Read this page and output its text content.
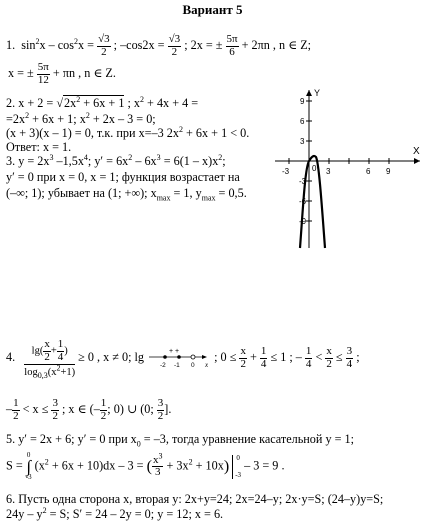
Вариант 5
1. $\sin^2x - \cos^2x = \frac{√3}{2}$ ; $-\cos 2x = \frac{√3}{2}$ ; 2x = ± $\frac{5\pi}{6} + 2\pi n$ , n ∈ Z;
x = ± $\frac{5\pi}{12} + \pi n$ , n ∈ Z.
2. $x + 2 = √2x^2 + 6x + 1$ ; $x^2 + 4x + 4$ =
$=2x^2 + 6x + 1$; $x^2 + 2x - 3 = 0$;
(x + 3)(x – 1) = 0, т.к. при x=–3 $2x^2 + 6x + 1 < 0$.
Ответ: x = 1.
3. $y = 2x^3$ $-1,5x^4$; $y' = 6x^2 - 6x^3 = 6(1 - x)x^2$;
y′ = 0 при x = 0, x = 1; функция возрастает на
(–∞; 1); убывает на (1; +∞); $x_{max} = 1$, $y_{max} = 0,5$.
Y
X
-3	3	6 9
9
6
3
-3
-6
-9
0
4. $\frac{\lg( \frac{x}{2} + \frac{1}{4} )}{\log_{0,3}(x^2+1)} \ge 0$ , x ≠ 0; lg	+ +
-2 -1 0 x
; $0 \le \frac{x}{2} + \frac{1}{4} \le 1$ ; – $\frac{1}{4} < \frac{x}{2} \le \frac{3}{4}$ ;
– $\frac{1}{2} < x \le \frac{3}{2}$ ; x ∈ (– $\frac{1}{2}$ ; 0) ∪ (0; $\frac{3}{2}$ ].
5. y′ = 2x + 6; y′ = 0 при $x_0 = -3$, тогда уравнение касательной y = 1;
S = 0
∫
-3 $(x^2 + 6x + 10)dx - 3$ = ( $\frac{x^3}{3} + 3x^2 + 10x$) 0
-3 – 3 = 9 .
6. Пусть одна сторона x, вторая y: 2x+y=24; 2x=24–y; 2x·y=S; (24–y)y=S;
$24y - y^2 = S$; S′ = 24 – 2y = 0; y = 12; x = 6.
